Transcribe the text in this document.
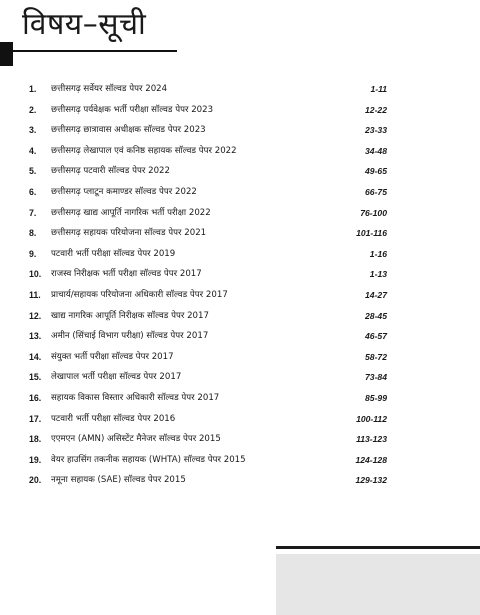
विषय–सूची
1.	छत्तीसगढ़ सर्वेयर सॉल्वड पेपर 2024	1-11
2.	छत्तीसगढ़ पर्यवेक्षक भर्ती परीक्षा सॉल्वड पेपर 2023	12-22
3.	छत्तीसगढ़ छात्रावास अधीक्षक सॉल्वड पेपर 2023	23-33
4.	छत्तीसगढ़ लेखापाल एवं कनिष्ठ सहायक सॉल्वड पेपर 2022	34-48
5.	छत्तीसगढ़ पटवारी सॉल्वड पेपर 2022	49-65
6.	छत्तीसगढ़ प्लाटून कमाण्डर सॉल्वड पेपर 2022	66-75
7.	छत्तीसगढ़ खाद्य आपूर्ति नागरिक भर्ती परीक्षा 2022	76-100
8.	छत्तीसगढ़ सहायक परियोजना सॉल्वड पेपर 2021	101-116
9.	पटवारी भर्ती परीक्षा सॉल्वड पेपर 2019	1-16
10.	राजस्व निरीक्षक भर्ती परीक्षा सॉल्वड पेपर 2017	1-13
11.	प्राचार्य/सहायक परियोजना अधिकारी सॉल्वड पेपर 2017	14-27
12.	खाद्य नागरिक आपूर्ति निरीक्षक सॉल्वड पेपर 2017	28-45
13.	अमीन (सिंचाई विभाग परीक्षा) सॉल्वड पेपर 2017	46-57
14.	संयुक्त भर्ती परीक्षा सॉल्वड पेपर 2017	58-72
15.	लेखापाल भर्ती परीक्षा सॉल्वड पेपर 2017	73-84
16.	सहायक विकास विस्तार अधिकारी सॉल्वड पेपर 2017	85-99
17.	पटवारी भर्ती परीक्षा सॉल्वड पेपर 2016	100-112
18.	एएमएन (AMN) असिस्टेंट मैनेजर सॉल्वड पेपर 2015	113-123
19.	वेयर हाउसिंग तकनीक सहायक (WHTA) सॉल्वड पेपर 2015	124-128
20.	नमूना सहायक (SAE) सॉल्वड पेपर 2015	129-132
